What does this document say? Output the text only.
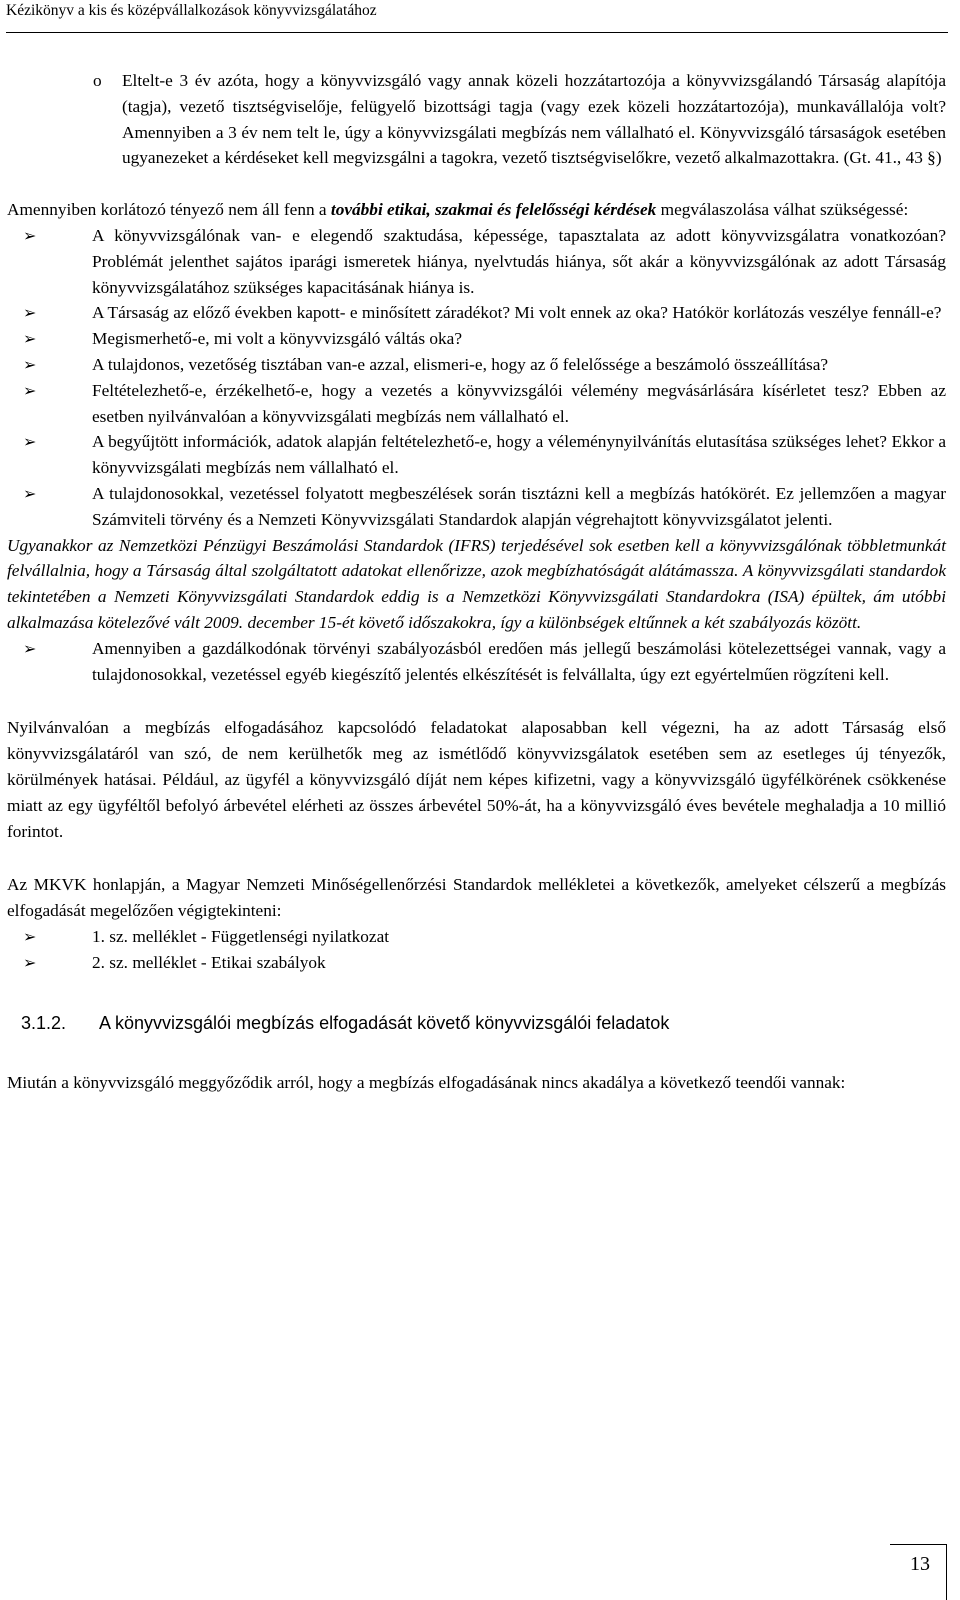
Kézikönyv a kis és középvállalkozások könyvvizsgálatához

o Eltelt-e 3 év azóta, hogy a könyvvizsgáló vagy annak közeli hozzátartozója a könyvvizsgálandó Társaság alapítója (tagja), vezető tisztségviselője, felügyelő bizottsági tagja (vagy ezek közeli hozzátartozója), munkavállalója volt? Amennyiben a 3 év nem telt le, úgy a könyvvizsgálati megbízás nem vállalható el. Könyvvizsgáló társaságok esetében ugyanezeket a kérdéseket kell megvizsgálni a tagokra, vezető tisztségviselőkre, vezető alkalmazottakra. (Gt. 41., 43 §)

Amennyiben korlátozó tényező nem áll fenn a további etikai, szakmai és felelősségi kérdések megválaszolása válhat szükségessé:

➢	A könyvvizsgálónak van- e elegendő szaktudása, képessége, tapasztalata az adott könyvvizsgálatra vonatkozóan? Problémát jelenthet sajátos iparági ismeretek hiánya, nyelvtudás hiánya, sőt akár a könyvvizsgálónak az adott Társaság könyvvizsgálatához szükséges kapacitásának hiánya is.
➢	A Társaság az előző években kapott- e minősített záradékot? Mi volt ennek az oka? Hatókör korlátozás veszélye fennáll-e?
➢	Megismerhető-e, mi volt a könyvvizsgáló váltás oka?
➢	A tulajdonos, vezetőség tisztában van-e azzal, elismeri-e, hogy az ő felelőssége a beszámoló összeállítása?
➢	Feltételezhető-e, érzékelhető-e, hogy a vezetés a könyvvizsgálói vélemény megvásárlására kísérletet tesz? Ebben az esetben nyilvánvalóan a könyvvizsgálati megbízás nem vállalható el.
➢	A begyűjtött információk, adatok alapján feltételezhető-e, hogy a véleménynyilvánítás elutasítása szükséges lehet? Ekkor a könyvvizsgálati megbízás nem vállalható el.
➢	A tulajdonosokkal, vezetéssel folyatott megbeszélések során tisztázni kell a megbízás hatókörét. Ez jellemzően a magyar Számviteli törvény és a Nemzeti Könyvvizsgálati Standardok alapján végrehajtott könyvvizsgálatot jelenti.

Ugyanakkor az Nemzetközi Pénzügyi Beszámolási Standardok (IFRS) terjedésével sok esetben kell a könyvvizsgálónak többletmunkát felvállalnia, hogy a Társaság által szolgáltatott adatokat ellenőrizze, azok megbízhatóságát alátámassza. A könyvvizsgálati standardok tekintetében a Nemzeti Könyvvizsgálati Standardok eddig is a Nemzetközi Könyvvizsgálati Standardokra (ISA) épültek, ám utóbbi alkalmazása kötelezővé vált 2009. december 15-ét követő időszakokra, így a különbségek eltűnnek a két szabályozás között.

➢	Amennyiben a gazdálkodónak törvényi szabályozásból eredően más jellegű beszámolási kötelezettségei vannak, vagy a tulajdonosokkal, vezetéssel egyéb kiegészítő jelentés elkészítését is felvállalta, úgy ezt egyértelműen rögzíteni kell.

Nyilvánvalóan a megbízás elfogadásához kapcsolódó feladatokat alaposabban kell végezni, ha az adott Társaság első könyvvizsgálatáról van szó, de nem kerülhetők meg az ismétlődő könyvvizsgálatok esetében sem az esetleges új tényezők, körülmények hatásai. Például, az ügyfél a könyvvizsgáló díját nem képes kifizetni, vagy a könyvvizsgáló ügyfélkörének csökkenése miatt az egy ügyféltől befolyó árbevétel elérheti az összes árbevétel 50%-át, ha a könyvvizsgáló éves bevétele meghaladja a 10 millió forintot.

Az MKVK honlapján, a Magyar Nemzeti Minőségellenőrzési Standardok mellékletei a következők, amelyeket célszerű a megbízás elfogadását megelőzően végigtekinteni:

➢	1. sz. melléklet - Függetlenségi nyilatkozat
➢	2. sz. melléklet - Etikai szabályok

3.1.2. A könyvvizsgálói megbízás elfogadását követő könyvvizsgálói feladatok

Miután a könyvvizsgáló meggyőződik arról, hogy a megbízás elfogadásának nincs akadálya a következő teendői vannak:

13
